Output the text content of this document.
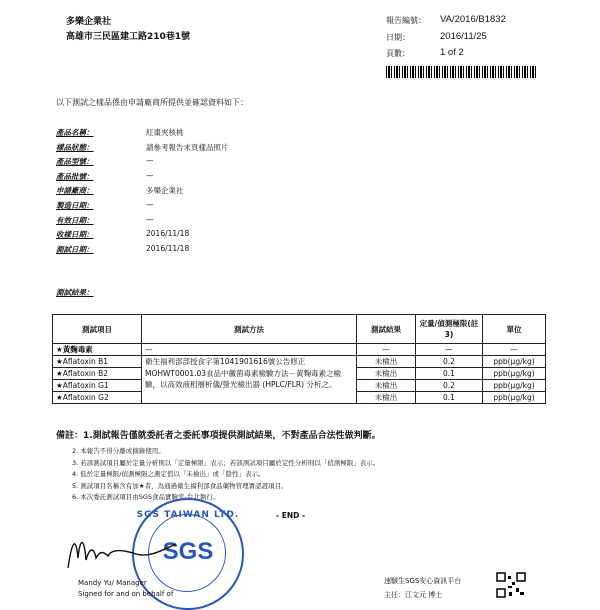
多樂企業社
高雄市三民區建工路210巷1號
報告編號： VA/2016/B1832
日期：	2016/11/25
頁數：	1 of 2
以下測試之樣品係由申請廠商所提供並確認資料如下：
產品名稱：	紅棗夾核桃
樣品狀態：	請參考報告末頁樣品照片
產品型號：	—
產品批號：	—
申請廠商：	多樂企業社
製造日期：	—
有效日期：	—
收樣日期：	2016/11/18
測試日期：	2016/11/18
測試結果：
測試項目	測試方法	測試結果	定量/偵測極限(註3)	單位
★黃麴毒素	—	—	—	—
★Aflatoxin B1	衛生福利部部授食字第1041901616號公告修正MOHWT0001.03食品中黴菌毒素檢驗方法－黃麴毒素之檢驗，以高效液相層析儀/螢光檢出器 (HPLC/FLR) 分析之。	未檢出	0.2	ppb(μg/kg)
★Aflatoxin B2		未檢出	0.1	ppb(μg/kg)
★Aflatoxin G1		未檢出	0.2	ppb(μg/kg)
★Aflatoxin G2		未檢出	0.1	ppb(μg/kg)
備註：1.測試報告僅就委託者之委託事項提供測試結果，不對產品合法性做判斷。
2. 本報告不得分離或摘錄使用。
3. 若該測試項目屬於定量分析則以「定量極限」表示；若該測試項目屬於定性分析則以「偵測極限」表示。
4. 低於定量極限/偵測極限之測定值以「未檢出」或「陰性」表示。
5. 測試項目名稱含有加★者，為通過衛生福利部食品藥物管理署認證項目。
6. 本次委託測試項目由SGS食品實驗室-台北執行。
- END -
SGS TAIWAN LTD.
SGS
Mandy Yu/ Manager
Signed for and on behalf of
速驗生SGS安心資訊平台
主任：江文元 博士
